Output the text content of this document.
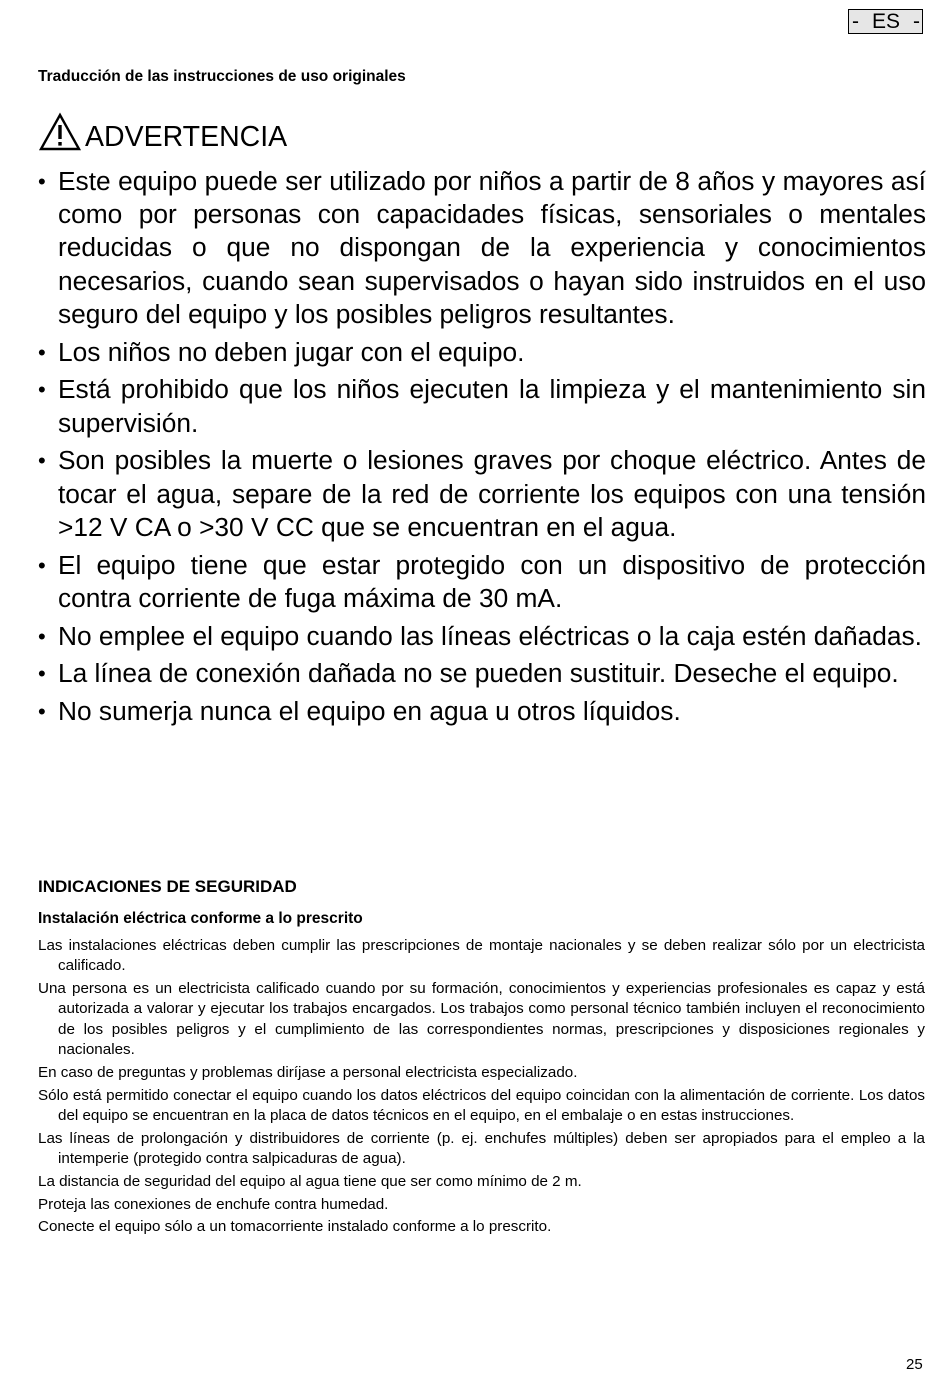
- ES -
Traducción de las instrucciones de uso originales
ADVERTENCIA
• Este equipo puede ser utilizado por niños a partir de 8 años y mayores así como por personas con capacidades físicas, sensoriales o mentales reducidas o que no dispongan de la experiencia y conocimientos necesarios, cuando sean supervisados o hayan sido instruidos en el uso seguro del equipo y los posibles peligros resultantes.
• Los niños no deben jugar con el equipo.
• Está prohibido que los niños ejecuten la limpieza y el mantenimiento sin supervisión.
• Son posibles la muerte o lesiones graves por choque eléctrico. Antes de tocar el agua, separe de la red de corriente los equipos con una tensión >12 V CA o >30 V CC que se encuentran en el agua.
• El equipo tiene que estar protegido con un dispositivo de protección contra corriente de fuga máxima de 30 mA.
• No emplee el equipo cuando las líneas eléctricas o la caja estén dañadas.
• La línea de conexión dañada no se pueden sustituir. Deseche el equipo.
• No sumerja nunca el equipo en agua u otros líquidos.
INDICACIONES DE SEGURIDAD
Instalación eléctrica conforme a lo prescrito
Las instalaciones eléctricas deben cumplir las prescripciones de montaje nacionales y se deben realizar sólo por un electricista calificado.
Una persona es un electricista calificado cuando por su formación, conocimientos y experiencias profesionales es capaz y está autorizada a valorar y ejecutar los trabajos encargados. Los trabajos como personal técnico también incluyen el reconocimiento de los posibles peligros y el cumplimiento de las correspondientes normas, prescripciones y disposiciones regionales y nacionales.
En caso de preguntas y problemas diríjase a personal electricista especializado.
Sólo está permitido conectar el equipo cuando los datos eléctricos del equipo coincidan con la alimentación de corriente. Los datos del equipo se encuentran en la placa de datos técnicos en el equipo, en el embalaje o en estas instrucciones.
Las líneas de prolongación y distribuidores de corriente (p. ej. enchufes múltiples) deben ser apropiados para el empleo a la intemperie (protegido contra salpicaduras de agua).
La distancia de seguridad del equipo al agua tiene que ser como mínimo de 2 m.
Proteja las conexiones de enchufe contra humedad.
Conecte el equipo sólo a un tomacorriente instalado conforme a lo prescrito.
25
